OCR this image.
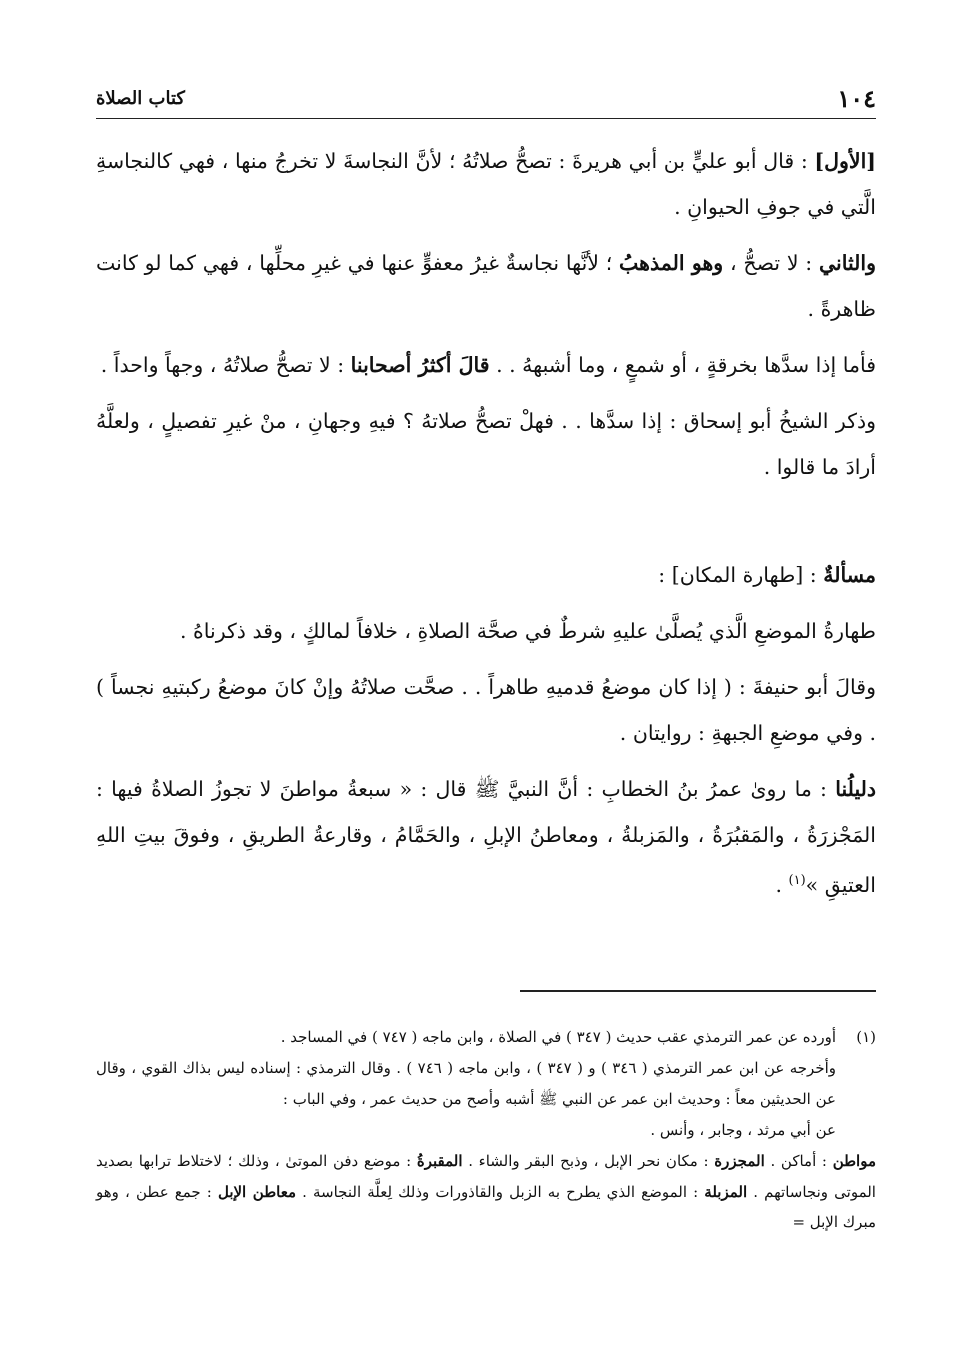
١٠٤
كتاب الصلاة

[الأول] : قال أبو عليٍّ بن أبي هريرةَ : تصحُّ صلاتُهُ ؛ لأنَّ النجاسةَ لا تخرجُ منها ، فهي كالنجاسةِ الَّتي في جوفِ الحيوانِ .

والثاني : لا تصحُّ ، وهو المذهبُ ؛ لأنَّها نجاسةٌ غيرُ معفوٍّ عنها في غيرِ محلِّها ، فهي كما لو كانت ظاهرةً .

فأما إذا سدَّها بخرقةٍ ، أو شمعٍ ، وما أشبههُ . . قالَ أكثرُ أصحابنا : لا تصحُّ صلاتُهُ ، وجهاً واحداً .

وذكر الشيخُ أبو إسحاق : إذا سدَّها . . فهلْ تصحُّ صلاتهُ ؟ فيهِ وجهانِ ، منْ غيرِ تفصيلٍ ، ولعلَّهُ أرادَ ما قالوا .

مسألةٌ : [طهارة المكان] :

طهارةُ الموضعِ الَّذي يُصلَّىٰ عليهِ شرطٌ في صحَّة الصلاةِ ، خلافاً لمالكٍ ، وقد ذكرناهُ .

وقالَ أبو حنيفةَ : ( إذا كان موضعُ قدميهِ طاهراً . . صحَّت صلاتُهُ وإنْ كانَ موضعُ ركبتيهِ نجساً ) . وفي موضعِ الجبهةِ : روايتان .

دليلُنا : ما روىٰ عمرُ بنُ الخطابِ : أنَّ النبيَّ ﷺ قال : « سبعةُ مواطنَ لا تجوزُ الصلاةُ فيها : المَجْزرَةُ ، والمَقبُرَةُ ، والمَزبلةُ ، ومعاطنُ الإبلِ ، والحَمَّامُ ، وقارعةُ الطريقِ ، وفوقَ بيتِ اللهِ العتيقِ »$^{(١)}$ .

(١)

أورده عن عمر الترمذي عقب حديث ( ٣٤٧ ) في الصلاة ، وابن ماجه ( ٧٤٧ ) في المساجد .

وأخرجه عن ابن عمر الترمذي ( ٣٤٦ ) و ( ٣٤٧ ) ، وابن ماجه ( ٧٤٦ ) . وقال الترمذي : إسناده ليس بذاك القوي ، وقال عن الحديثين معاً : وحديث ابن عمر عن النبي ﷺ أشبه وأصح من حديث عمر ، وفي الباب :

عن أبي مرثد ، وجابر ، وأنس .

مواطن : أماكن . المجزرة : مكان نحر الإبل ، وذبح البقر والشاء . المقبرةُ : موضع دفن الموتىٰ ، وذلك ؛ لاختلاط ترابها بصديد الموتى ونجاساتهم . المزبلة : الموضع الذي يطرح به الزبل والقاذورات وذلك لِعلَّة النجاسة . معاطن الإبل : جمع عطن ، وهو مبرك الإبل =
